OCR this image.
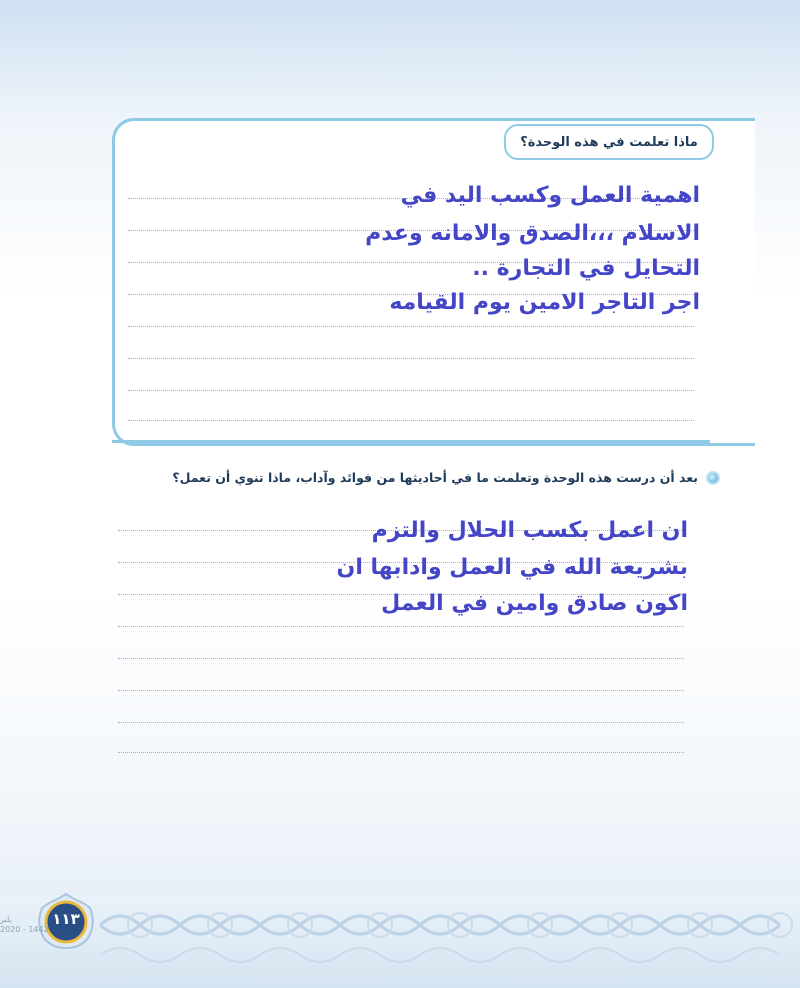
ماذا تعلمت في هذه الوحدة؟
اهمية العمل وكسب اليد في
الاسلام ،،،الصدق والامانه وعدم
التحايل في التجارة ..
اجر التاجر الامين يوم القيامه
بعد أن درست هذه الوحدة وتعلمت ما في أحاديثها من فوائد وآداب، ماذا تنوي أن تعمل؟
ان اعمل بكسب الحلال والتزم
بشريعة الله في العمل وادابها ان
اكون صادق وامين في العمل
١١٣
يلبر
2020 - 1442
